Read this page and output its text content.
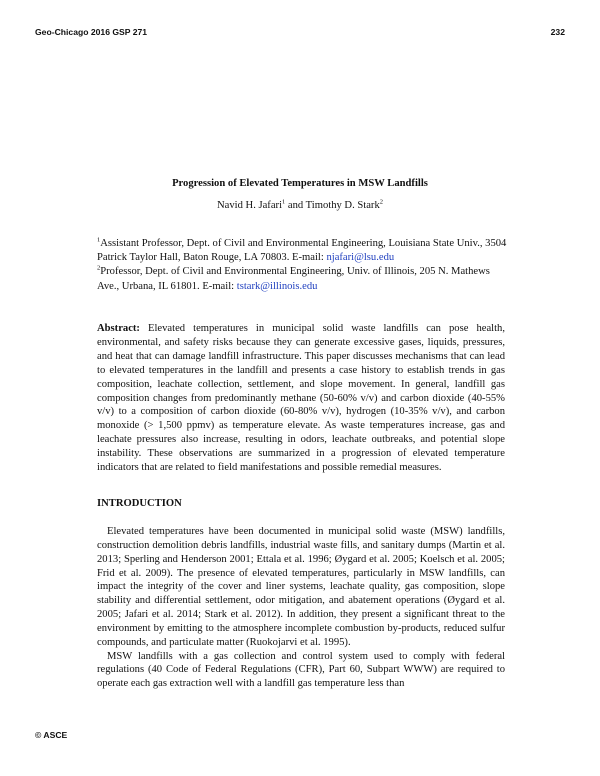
Geo-Chicago 2016 GSP 271	232
Progression of Elevated Temperatures in MSW Landfills
Navid H. Jafari$^1$ and Timothy D. Stark$^2$

$^1$Assistant Professor, Dept. of Civil and Environmental Engineering, Louisiana State Univ., 3504 Patrick Taylor Hall, Baton Rouge, LA 70803. E-mail: njafari@lsu.edu

$^2$Professor, Dept. of Civil and Environmental Engineering, Univ. of Illinois, 205 N. Mathews Ave., Urbana, IL 61801. E-mail: tstark@illinois.edu

Abstract: Elevated temperatures in municipal solid waste landfills can pose health, environmental, and safety risks because they can generate excessive gases, liquids, pressures, and heat that can damage landfill infrastructure. This paper discusses mechanisms that can lead to elevated temperatures in the landfill and presents a case history to establish trends in gas composition, leachate collection, settlement, and slope movement. In general, landfill gas composition changes from predominantly methane (50-60% v/v) and carbon dioxide (40-55% v/v) to a composition of carbon dioxide (60-80% v/v), hydrogen (10-35% v/v), and carbon monoxide (> 1,500 ppmv) as temperature elevate. As waste temperatures increase, gas and leachate pressures also increase, resulting in odors, leachate outbreaks, and potential slope instability. These observations are summarized in a progression of elevated temperature indicators that are related to field manifestations and possible remedial measures.
INTRODUCTION

Elevated temperatures have been documented in municipal solid waste (MSW) landfills, construction demolition debris landfills, industrial waste fills, and sanitary dumps (Martin et al. 2013; Sperling and Henderson 2001; Ettala et al. 1996; Øygard et al. 2005; Koelsch et al. 2005; Frid et al. 2009). The presence of elevated temperatures, particularly in MSW landfills, can impact the integrity of the cover and liner systems, leachate quality, gas composition, slope stability and differential settlement, odor mitigation, and abatement operations (Øygard et al. 2005; Jafari et al. 2014; Stark et al. 2012). In addition, they present a significant threat to the environment by emitting to the atmosphere incomplete combustion by-products, reduced sulfur compounds, and particulate matter (Ruokojarvi et al. 1995).

MSW landfills with a gas collection and control system used to comply with federal regulations (40 Code of Federal Regulations (CFR), Part 60, Subpart WWW) are required to operate each gas extraction well with a landfill gas temperature less than

© ASCE
